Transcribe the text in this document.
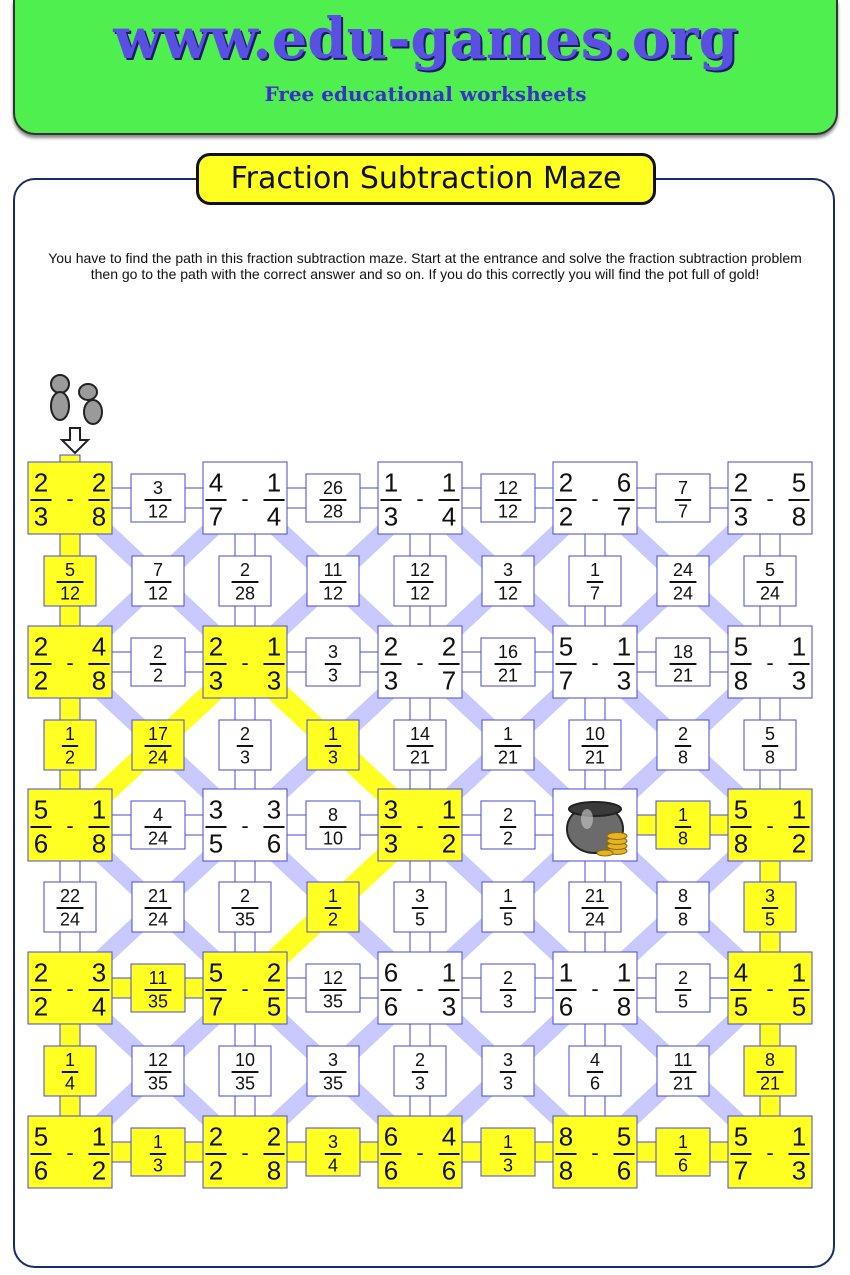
www.edu-games.org
Free educational worksheets
Fraction Subtraction Maze
You have to find the path in this fraction subtraction maze. Start at the entrance and solve the fraction subtraction problem then go to the path with the correct answer and so on. If you do this correctly you will find the pot full of gold!
5
12
7
12
2
28
11
12
12
12
3
12
1
7
24
24
5
24
1
2
17
24
2
3
1
3
14
21
1
21
10
21
2
8
5
8
22
24
21
24
2
35
1
2
3
5
1
5
21
24
8
8
3
5
1
4
12
35
10
35
3
35
2
3
3
3
4
6
11
21
8
21
3
12
26
28
12
12
7
7
2
2
3
3
16
21
18
21
4
24
8
10
2
2
1
8
11
35
12
35
2
3
2
5
1
3
3
4
1
3
1
6
2
3
-
2
8
4
7
-
1
4
1
3
-
1
4
2
2
-
6
7
2
3
-
5
8
2
2
-
4
8
2
3
-
1
3
2
3
-
2
7
5
7
-
1
3
5
8
-
1
3
5
6
-
1
8
3
5
-
3
6
3
3
-
1
2
5
8
-
1
2
2
2
-
3
4
5
7
-
2
5
6
6
-
1
3
1
6
-
1
8
4
5
-
1
5
5
6
-
1
2
2
2
-
2
8
6
6
-
4
6
8
8
-
5
6
5
7
-
1
3
